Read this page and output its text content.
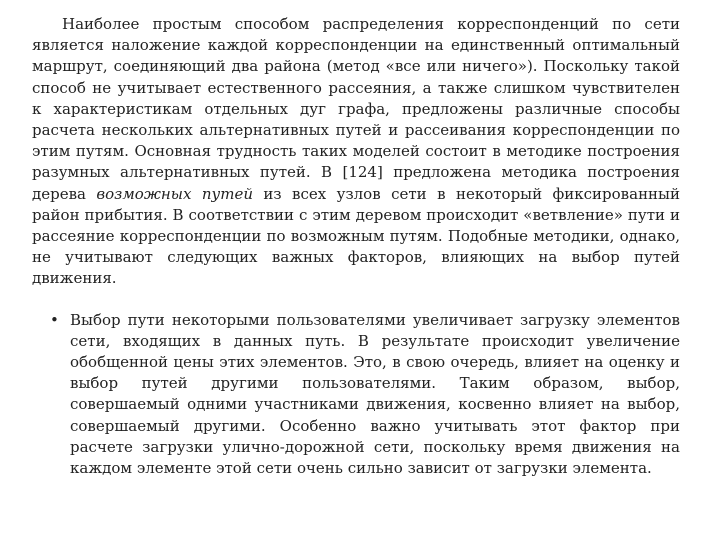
Наиболее простым способом распределения корреспонденций по сети является наложение каждой корреспонденции на единственный оптимальный маршрут, соединяющий два района (метод «все или ничего»). Поскольку такой способ не учитывает естественного рассеяния, а также слишком чувствителен к характеристикам отдельных дуг графа, предложены различные способы расчета нескольких альтернативных путей и рассеивания корреспонденции по этим путям. Основная трудность таких моделей состоит в методике построения разумных альтернативных путей. В [124] предложена методика построения дерева возможных путей из всех узлов сети в некоторый фиксированный район прибытия. В соответствии с этим деревом происходит «ветвление» пути и рассеяние корреспонденции по возможным путям. Подобные методики, однако, не учитывают следующих важных факторов, влияющих на выбор путей движения.

• Выбор пути некоторыми пользователями увеличивает загрузку элементов сети, входящих в данных путь. В результате происходит увеличение обобщенной цены этих элементов. Это, в свою очередь, влияет на оценку и выбор путей другими пользователями. Таким образом, выбор, совершаемый одними участниками движения, косвенно влияет на выбор, совершаемый другими. Особенно важно учитывать этот фактор при расчете загрузки улично-дорожной сети, поскольку время движения на каждом элементе этой сети очень сильно зависит от загрузки элемента.
